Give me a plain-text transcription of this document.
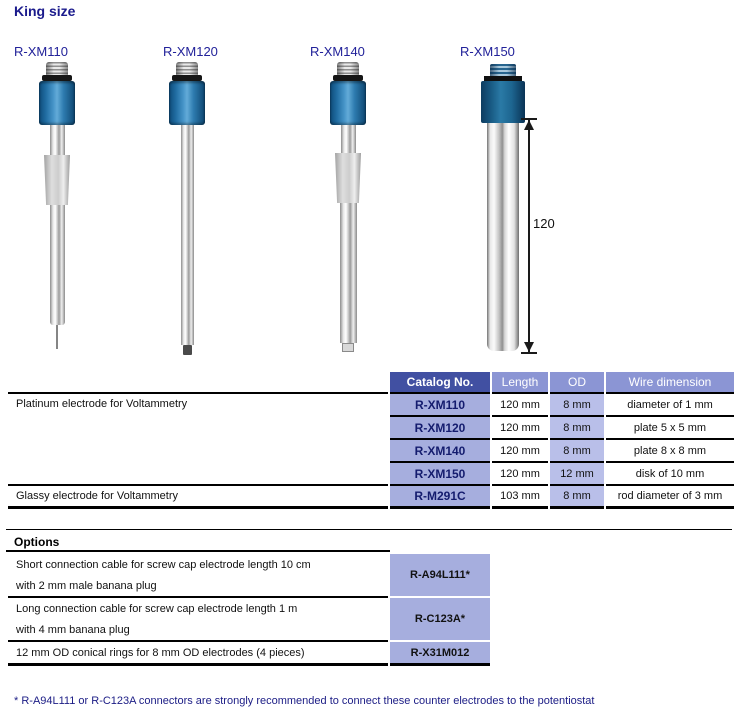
King size
R-XM110	R-XM120	R-XM140	R-XM150
120
	Catalog No.	Length	OD	Wire dimension
Platinum electrode for Voltammetry	R-XM110	120 mm	8 mm	diameter of 1 mm
	R-XM120	120 mm	8 mm	plate 5 x 5 mm
	R-XM140	120 mm	8 mm	plate 8 x 8 mm
	R-XM150	120 mm	12 mm	disk of 10 mm
Glassy electrode for Voltammetry	R-M291C	103 mm	8 mm	rod diameter of 3 mm
Options
Short connection cable for screw cap electrode length 10 cm
with 2 mm male banana plug	R-A94L111*

Long connection cable for screw cap electrode length 1 m
with 4 mm banana plug	R-C123A*

12 mm OD conical rings for 8 mm OD electrodes (4 pieces)	R-X31M012
* R-A94L111 or R-C123A connectors are strongly recommended to connect these counter electrodes to the potentiostat
